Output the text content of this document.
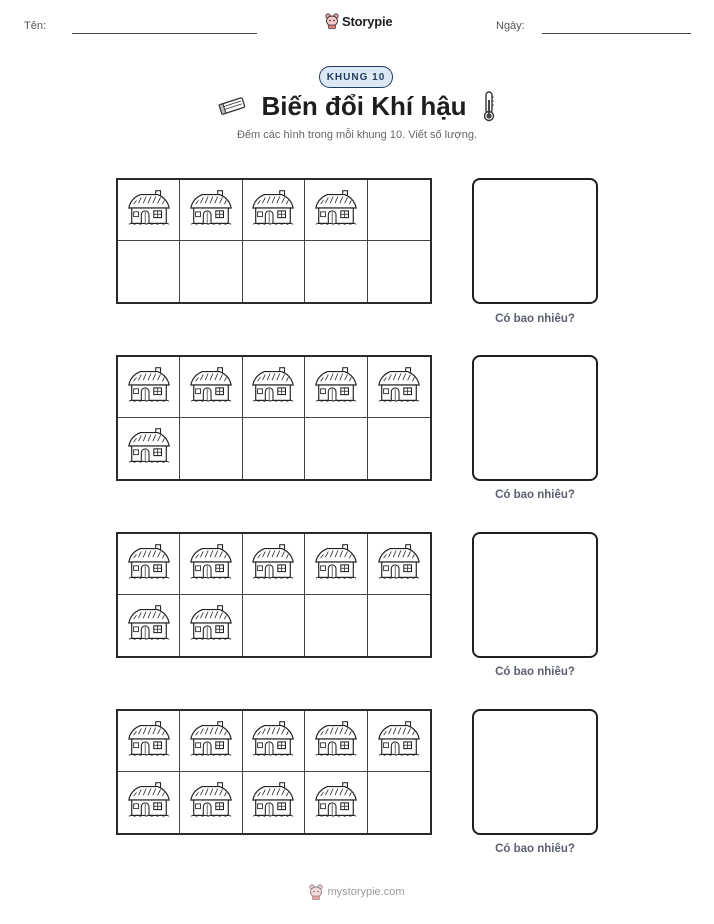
Tên:	Storypie	Ngày:
KHUNG 10
Biến đổi Khí hậu
Đếm các hình trong mỗi khung 10. Viết số lượng.
Có bao nhiêu?
Có bao nhiêu?
Có bao nhiêu?
Có bao nhiêu?
mystorypie.com
